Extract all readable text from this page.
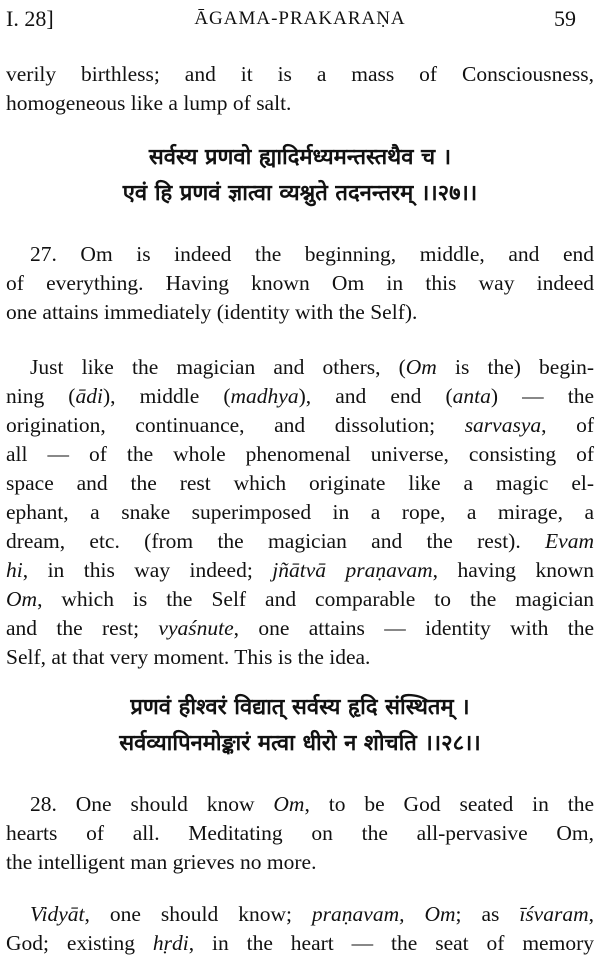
I. 28]	ĀGAMA-PRAKARAṆA	59
verily birthless; and it is a mass of Consciousness,
homogeneous like a lump of salt.
सर्वस्य प्रणवो ह्यादिर्मध्यमन्तस्तथैव च ।
एवं हि प्रणवं ज्ञात्वा व्यश्नुते तदनन्तरम् ।।२७।।
27. Om is indeed the beginning, middle, and end
of everything. Having known Om in this way indeed
one attains immediately (identity with the Self).
Just like the magician and others, (Om is the) begin-
ning (ādi), middle (madhya), and end (anta) — the
origination, continuance, and dissolution; sarvasya, of
all — of the whole phenomenal universe, consisting of
space and the rest which originate like a magic el-
ephant, a snake superimposed in a rope, a mirage, a
dream, etc. (from the magician and the rest). Evam
hi, in this way indeed; jñātvā praṇavam, having known
Om, which is the Self and comparable to the magician
and the rest; vyaśnute, one attains — identity with the
Self, at that very moment. This is the idea.
प्रणवं हीश्वरं विद्यात् सर्वस्य हृदि संस्थितम् ।
सर्वव्यापिनमोङ्कारं मत्वा धीरो न शोचति ।।२८।।
28. One should know Om, to be God seated in the
hearts of all. Meditating on the all-pervasive Om,
the intelligent man grieves no more.
Vidyāt, one should know; praṇavam, Om; as īśvaram,
God; existing hṛdi, in the heart — the seat of memory
